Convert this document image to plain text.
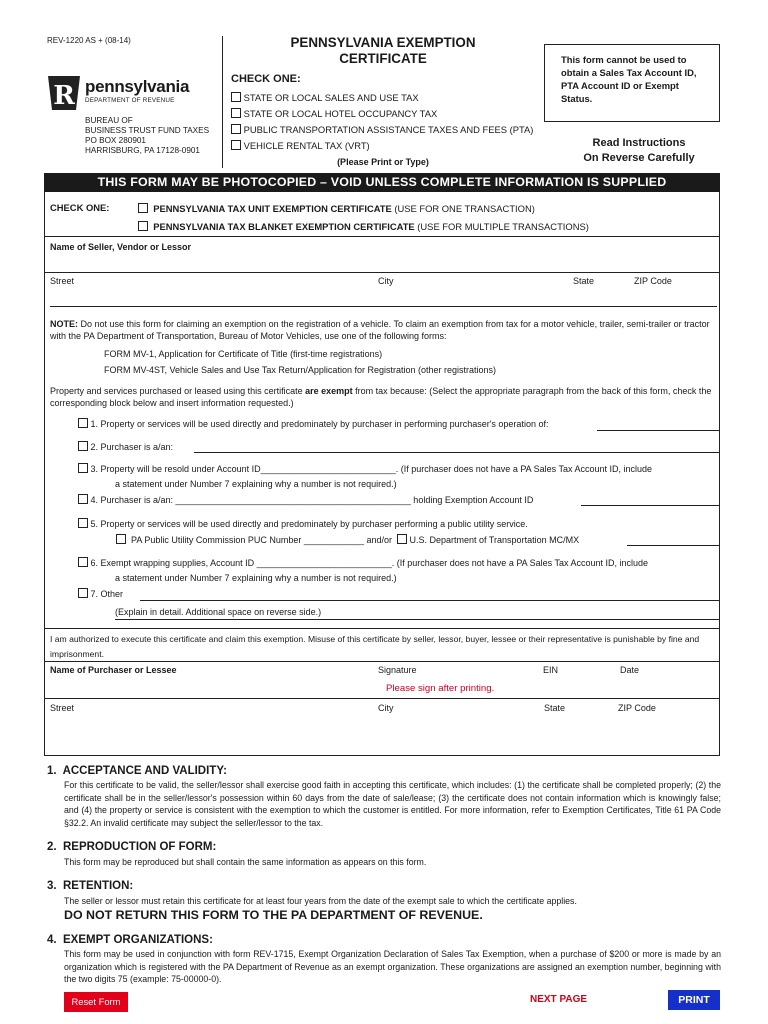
REV-1220 AS + (08-14)
R pennsylvania
DEPARTMENT OF REVENUE
BUREAU OF
BUSINESS TRUST FUND TAXES
PO BOX 280901
HARRISBURG, PA 17128-0901
PENNSYLVANIA EXEMPTION
CERTIFICATE
CHECK ONE:
STATE OR LOCAL SALES AND USE TAX
STATE OR LOCAL HOTEL OCCUPANCY TAX
PUBLIC TRANSPORTATION ASSISTANCE TAXES AND FEES (PTA)
VEHICLE RENTAL TAX (VRT)
(Please Print or Type)
This form cannot be used to obtain a Sales Tax Account ID, PTA Account ID or Exempt Status.
Read Instructions
On Reverse Carefully
THIS FORM MAY BE PHOTOCOPIED – VOID UNLESS COMPLETE INFORMATION IS SUPPLIED
CHECK ONE:	PENNSYLVANIA TAX UNIT EXEMPTION CERTIFICATE (USE FOR ONE TRANSACTION)
PENNSYLVANIA TAX BLANKET EXEMPTION CERTIFICATE (USE FOR MULTIPLE TRANSACTIONS)
Name of Seller, Vendor or Lessor
Street	City	State	ZIP Code
NOTE: Do not use this form for claiming an exemption on the registration of a vehicle. To claim an exemption from tax for a motor vehicle, trailer, semi-trailer or tractor with the PA Department of Transportation, Bureau of Motor Vehicles, use one of the following forms:
FORM MV-1, Application for Certificate of Title (first-time registrations)
FORM MV-4ST, Vehicle Sales and Use Tax Return/Application for Registration (other registrations)
Property and services purchased or leased using this certificate are exempt from tax because: (Select the appropriate paragraph from the back of this form, check the corresponding block below and insert information requested.)
1. Property or services will be used directly and predominately by purchaser in performing purchaser's operation of:
2. Purchaser is a/an:
3. Property will be resold under Account ID___________________________. (If purchaser does not have a PA Sales Tax Account ID, include
a statement under Number 7 explaining why a number is not required.)
4. Purchaser is a/an: _______________________________________________ holding Exemption Account ID
5. Property or services will be used directly and predominately by purchaser performing a public utility service.
PA Public Utility Commission PUC Number ____________ and/or U.S. Department of Transportation MC/MX
6. Exempt wrapping supplies, Account ID ___________________________. (If purchaser does not have a PA Sales Tax Account ID, include
a statement under Number 7 explaining why a number is not required.)
7. Other
(Explain in detail. Additional space on reverse side.)
I am authorized to execute this certificate and claim this exemption. Misuse of this certificate by seller, lessor, buyer, lessee or their representative is punishable by fine and imprisonment.
Name of Purchaser or Lessee	Signature	EIN	Date
Please sign after printing.
Street	City	State	ZIP Code
1. ACCEPTANCE AND VALIDITY:
For this certificate to be valid, the seller/lessor shall exercise good faith in accepting this certificate, which includes: (1) the certificate shall be completed properly; (2) the certificate shall be in the seller/lessor's possession within 60 days from the date of sale/lease; (3) the certificate does not contain information which is knowingly false; and (4) the property or service is consistent with the exemption to which the customer is entitled. For more information, refer to Exemption Certificates, Title 61 PA Code §32.2. An invalid certificate may subject the seller/lessor to the tax.
2. REPRODUCTION OF FORM:
This form may be reproduced but shall contain the same information as appears on this form.
3. RETENTION:
The seller or lessor must retain this certificate for at least four years from the date of the exempt sale to which the certificate applies.
DO NOT RETURN THIS FORM TO THE PA DEPARTMENT OF REVENUE.
4. EXEMPT ORGANIZATIONS:
This form may be used in conjunction with form REV-1715, Exempt Organization Declaration of Sales Tax Exemption, when a purchase of $200 or more is made by an organization which is registered with the PA Department of Revenue as an exempt organization. These organizations are assigned an exemption number, beginning with the two digits 75 (example: 75-00000-0).
Reset Form	NEXT PAGE	PRINT
